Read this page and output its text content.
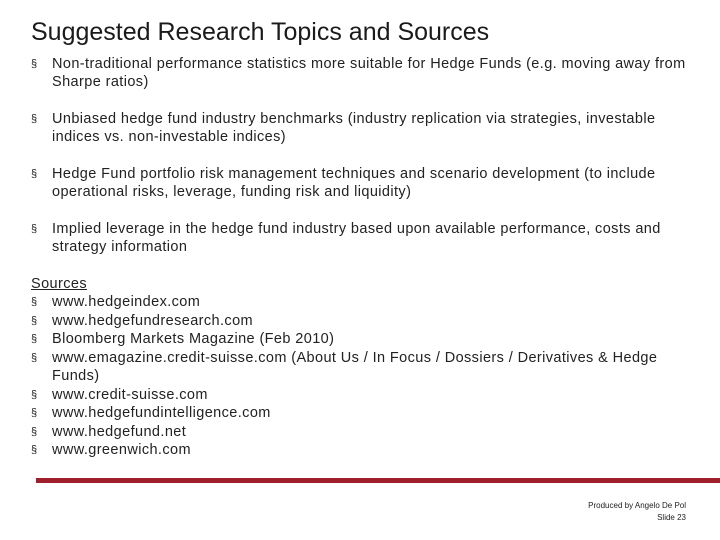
Suggested Research Topics and Sources
§ Non-traditional performance statistics more suitable for Hedge Funds (e.g. moving away from Sharpe ratios)
§ Unbiased hedge fund industry benchmarks (industry replication via strategies, investable indices vs. non-investable indices)
§ Hedge Fund portfolio risk management techniques and scenario development (to include operational risks, leverage, funding risk and liquidity)
§ Implied leverage in the hedge fund industry based upon available performance, costs and strategy information
Sources
§ www.hedgeindex.com
§ www.hedgefundresearch.com
§ Bloomberg Markets Magazine (Feb 2010)
§ www.emagazine.credit-suisse.com (About Us / In Focus / Dossiers / Derivatives & Hedge Funds)
§ www.credit-suisse.com
§ www.hedgefundintelligence.com
§ www.hedgefund.net
§ www.greenwich.com
Produced by Angelo De Pol
Slide 23
